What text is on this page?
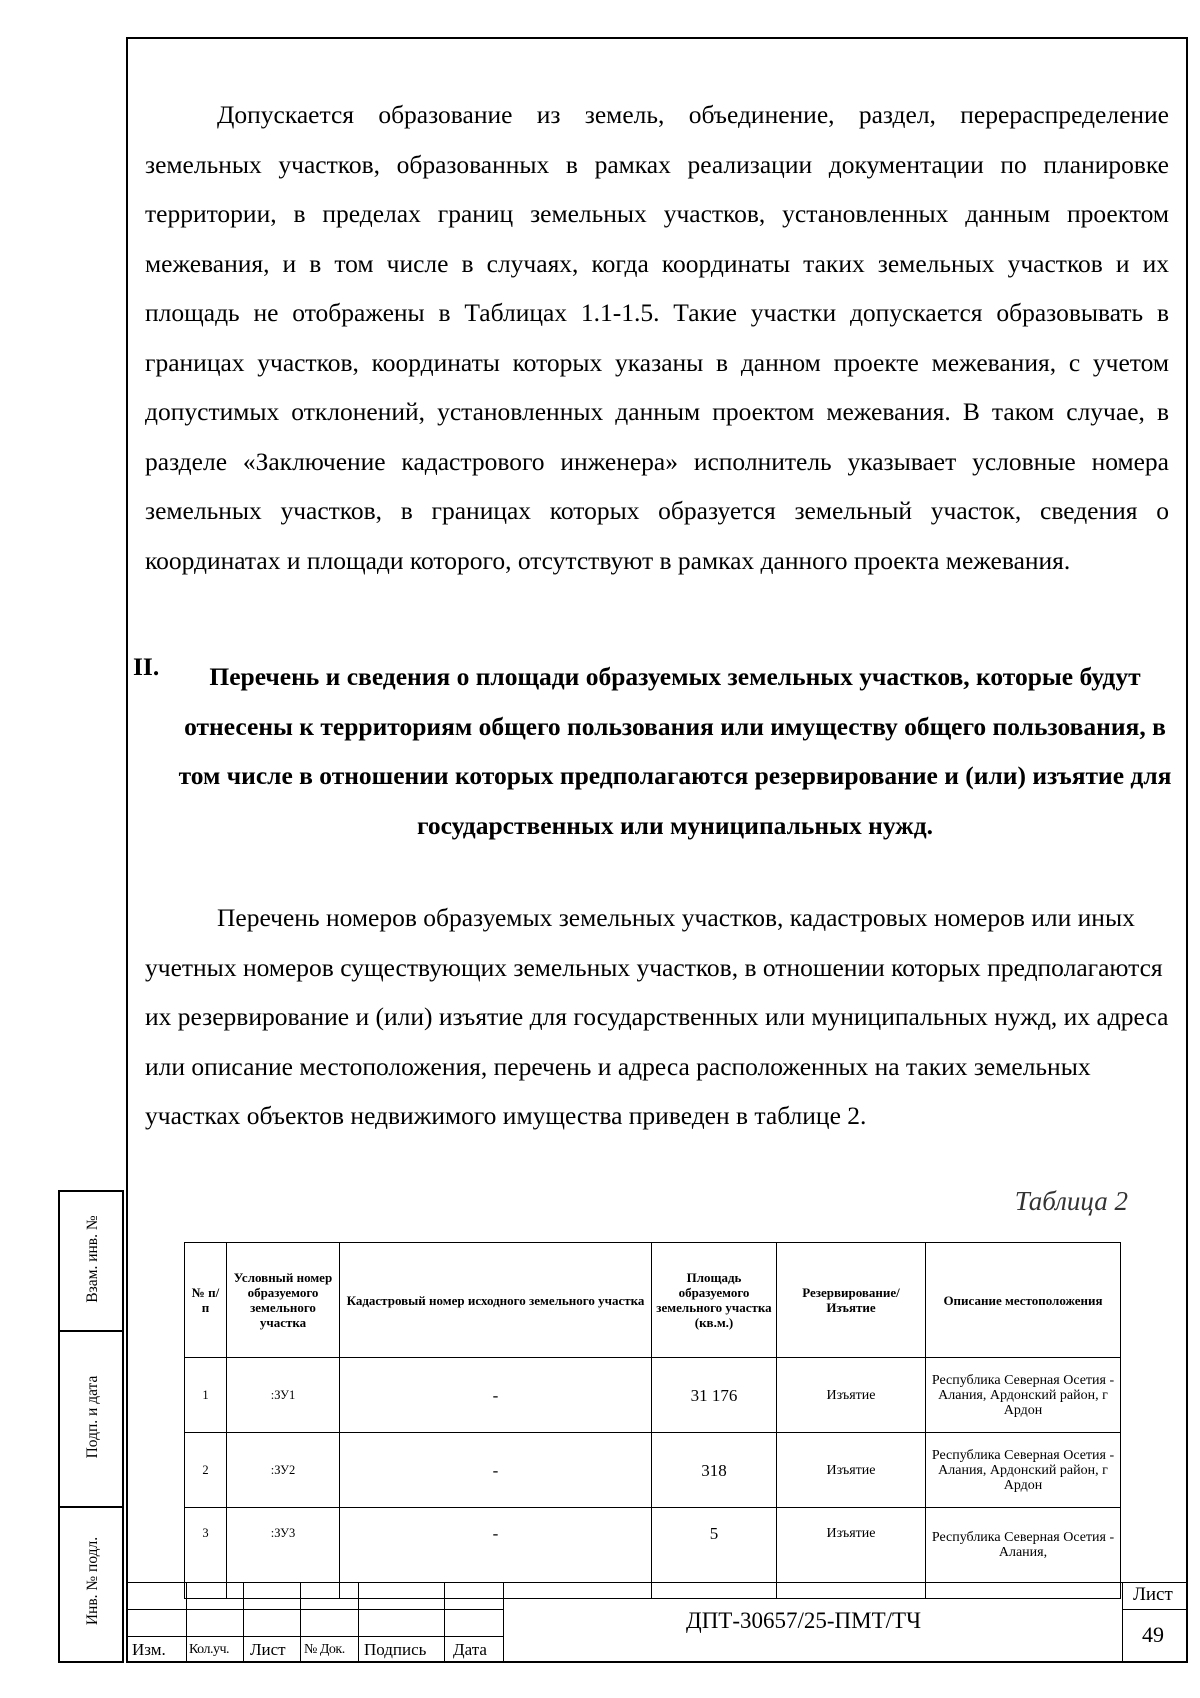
Допускается образование из земель, объединение, раздел, перераспределение земельных участков, образованных в рамках реализации документации по планировке территории, в пределах границ земельных участков, установленных данным проектом межевания, и в том числе в случаях, когда координаты таких земельных участков и их площадь не отображены в Таблицах 1.1-1.5. Такие участки допускается образовывать в границах участков, координаты которых указаны в данном проекте межевания, с учетом допустимых отклонений, установленных данным проектом межевания. В таком случае, в разделе «Заключение кадастрового инженера» исполнитель указывает условные номера земельных участков, в границах которых образуется земельный участок, сведения о координатах и площади которого, отсутствуют в рамках данного проекта межевания.

II.	Перечень и сведения о площади образуемых земельных участков, которые будут отнесены к территориям общего пользования или имуществу общего пользования, в том числе в отношении которых предполагаются резервирование и (или) изъятие для государственных или муниципальных нужд.

Перечень номеров образуемых земельных участков, кадастровых номеров или иных учетных номеров существующих земельных участков, в отношении которых предполагаются их резервирование и (или) изъятие для государственных или муниципальных нужд, их адреса или описание местоположения, перечень и адреса расположенных на таких земельных участках объектов недвижимого имущества приведен в таблице 2.

Таблица 2
№ п/п	Условный номер образуемого земельного участка	Кадастровый номер исходного земельного участка	Площадь образуемого земельного участка (кв.м.)	Резервирование/ Изъятие	Описание местоположения
1	:ЗУ1	-	31 176	Изъятие	Республика Северная Осетия - Алания, Ардонский район, г Ардон
2	:ЗУ2	-	318	Изъятие	Республика Северная Осетия - Алания, Ардонский район, г Ардон
3	:ЗУ3	-	5	Изъятие	Республика Северная Осетия - Алания,
Взам. инв. №
Подп. и дата
Инв. № подл.
Изм. Кол.уч. Лист № Док. Подпись Дата
ДПТ-30657/25-ПМТ/ТЧ
Лист
49
